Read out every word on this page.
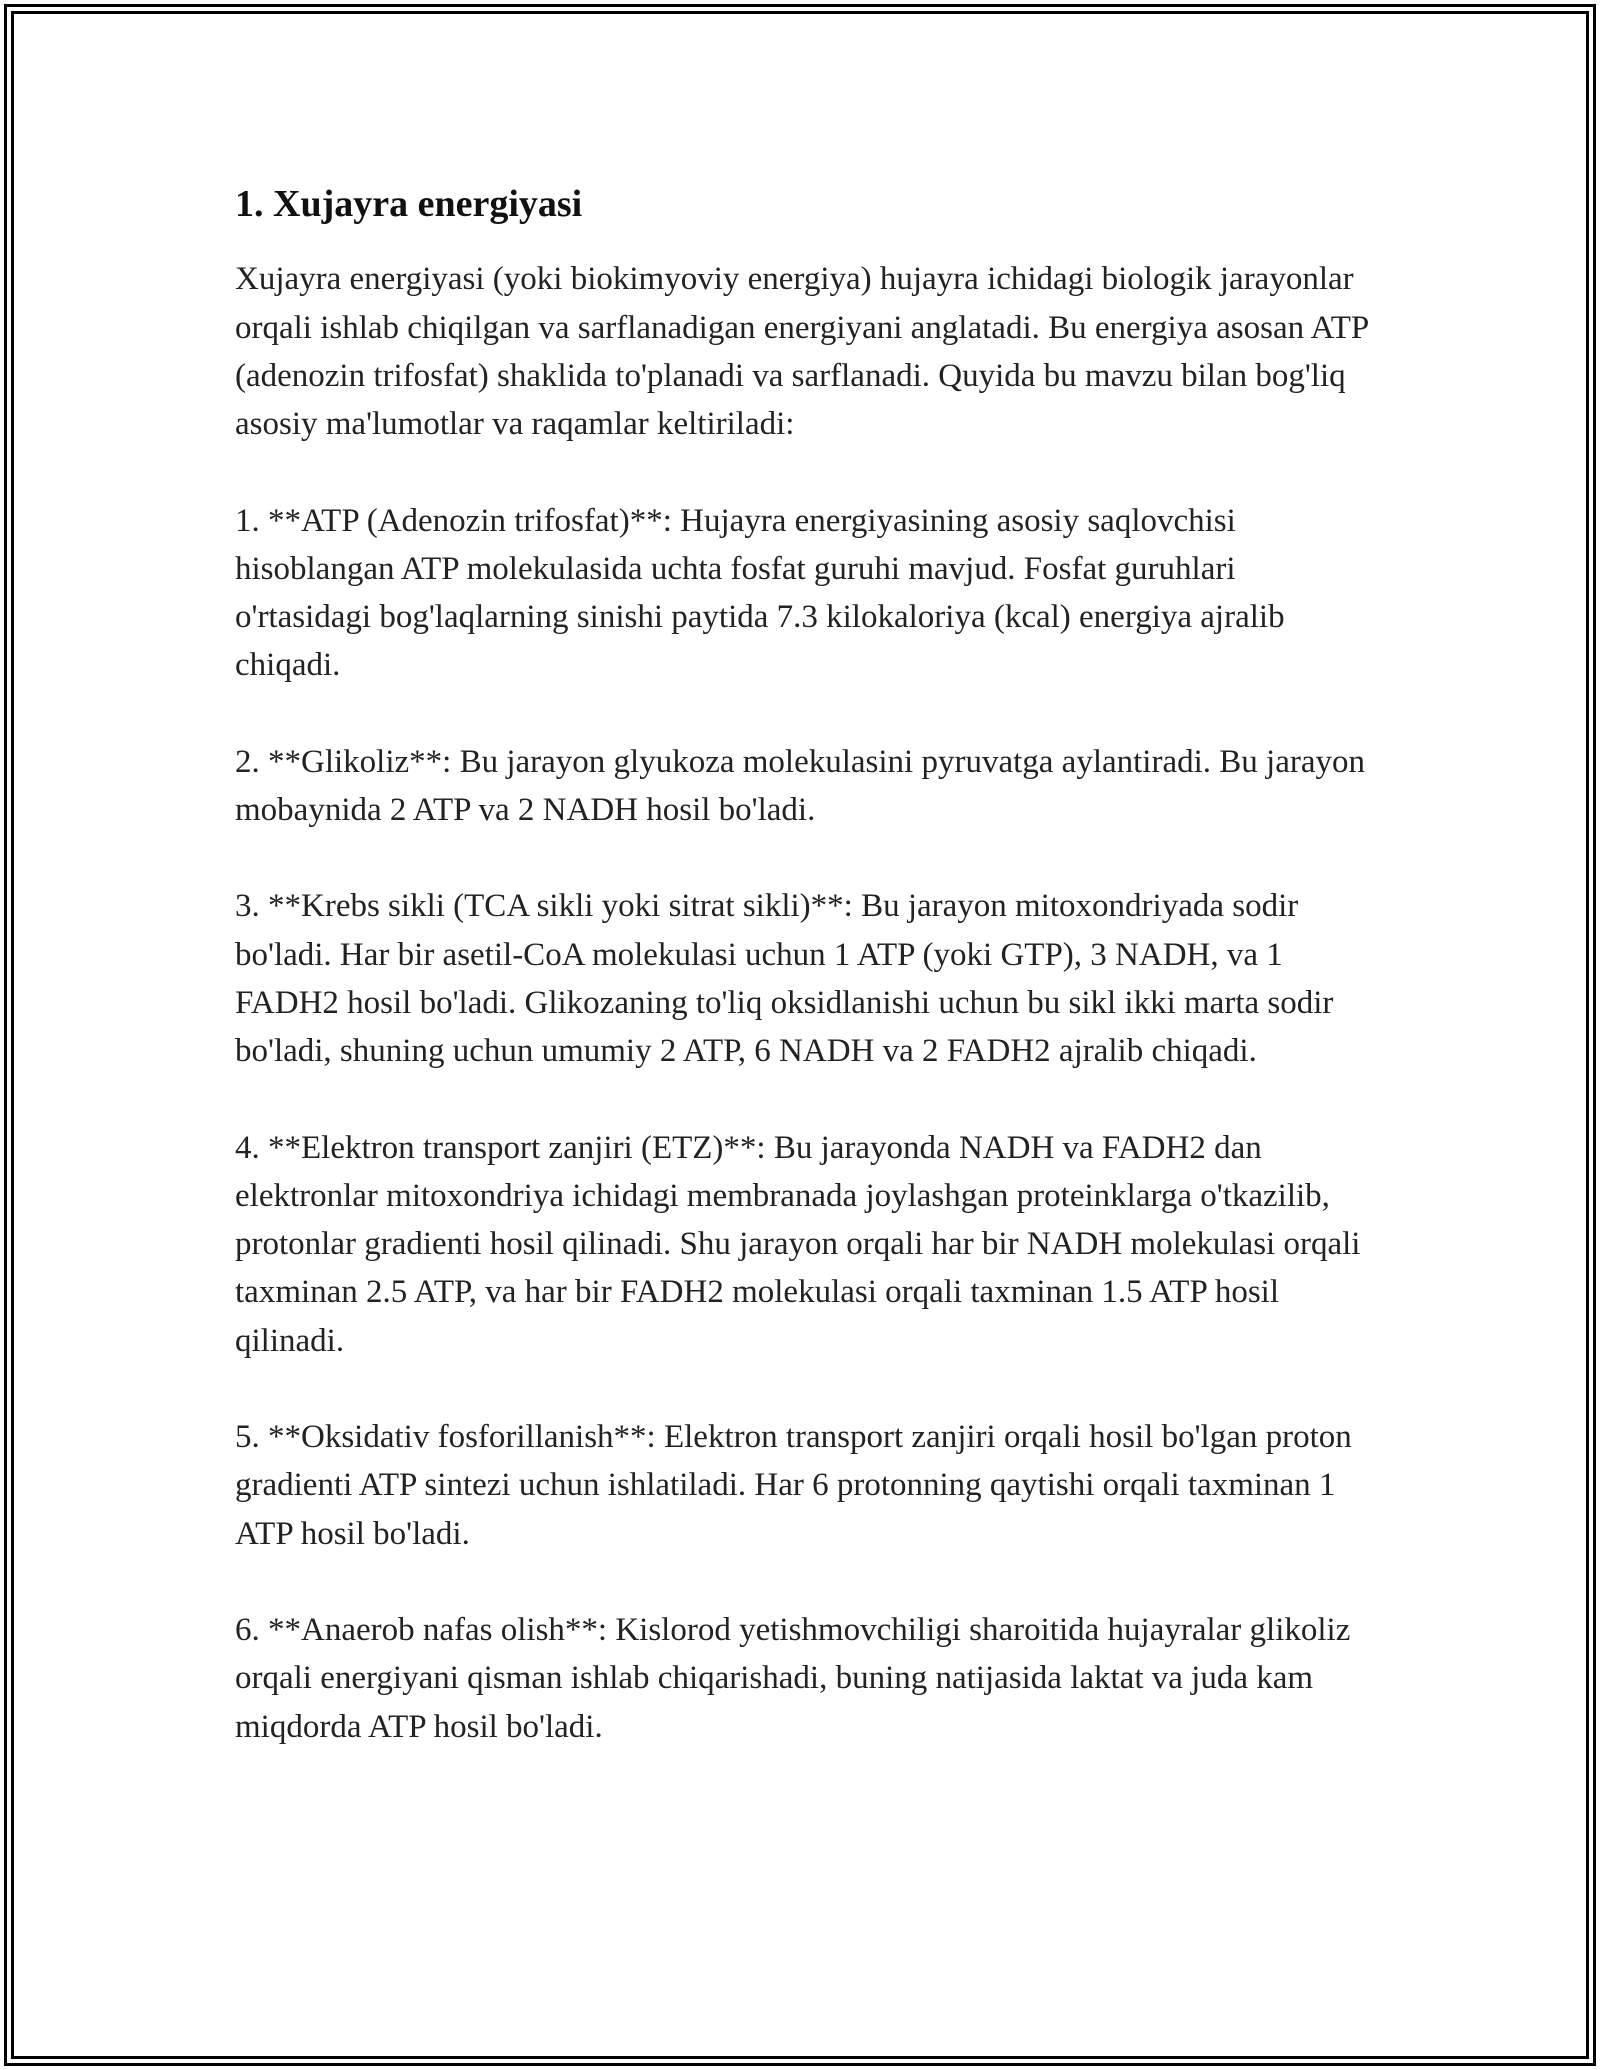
1. Xujayra energiyasi

Xujayra energiyasi (yoki biokimyoviy energiya) hujayra ichidagi biologik jarayonlar orqali ishlab chiqilgan va sarflanadigan energiyani anglatadi. Bu energiya asosan ATP (adenozin trifosfat) shaklida to'planadi va sarflanadi. Quyida bu mavzu bilan bog'liq asosiy ma'lumotlar va raqamlar keltiriladi:

1. **ATP (Adenozin trifosfat)**: Hujayra energiyasining asosiy saqlovchisi hisoblangan ATP molekulasida uchta fosfat guruhi mavjud. Fosfat guruhlari o'rtasidagi bog'laqlarning sinishi paytida 7.3 kilokaloriya (kcal) energiya ajralib chiqadi.

2. **Glikoliz**: Bu jarayon glyukoza molekulasini pyruvatga aylantiradi. Bu jarayon mobaynida 2 ATP va 2 NADH hosil bo'ladi.

3. **Krebs sikli (TCA sikli yoki sitrat sikli)**: Bu jarayon mitoxondriyada sodir bo'ladi. Har bir asetil-CoA molekulasi uchun 1 ATP (yoki GTP), 3 NADH, va 1 FADH2 hosil bo'ladi. Glikozaning to'liq oksidlanishi uchun bu sikl ikki marta sodir bo'ladi, shuning uchun umumiy 2 ATP, 6 NADH va 2 FADH2 ajralib chiqadi.

4. **Elektron transport zanjiri (ETZ)**: Bu jarayonda NADH va FADH2 dan elektronlar mitoxondriya ichidagi membranada joylashgan proteinklarga o'tkazilib, protonlar gradienti hosil qilinadi. Shu jarayon orqali har bir NADH molekulasi orqali taxminan 2.5 ATP, va har bir FADH2 molekulasi orqali taxminan 1.5 ATP hosil qilinadi.

5. **Oksidativ fosforillanish**: Elektron transport zanjiri orqali hosil bo'lgan proton gradienti ATP sintezi uchun ishlatiladi. Har 6 protonning qaytishi orqali taxminan 1 ATP hosil bo'ladi.

6. **Anaerob nafas olish**: Kislorod yetishmovchiligi sharoitida hujayralar glikoliz orqali energiyani qisman ishlab chiqarishadi, buning natijasida laktat va juda kam miqdorda ATP hosil bo'ladi.
